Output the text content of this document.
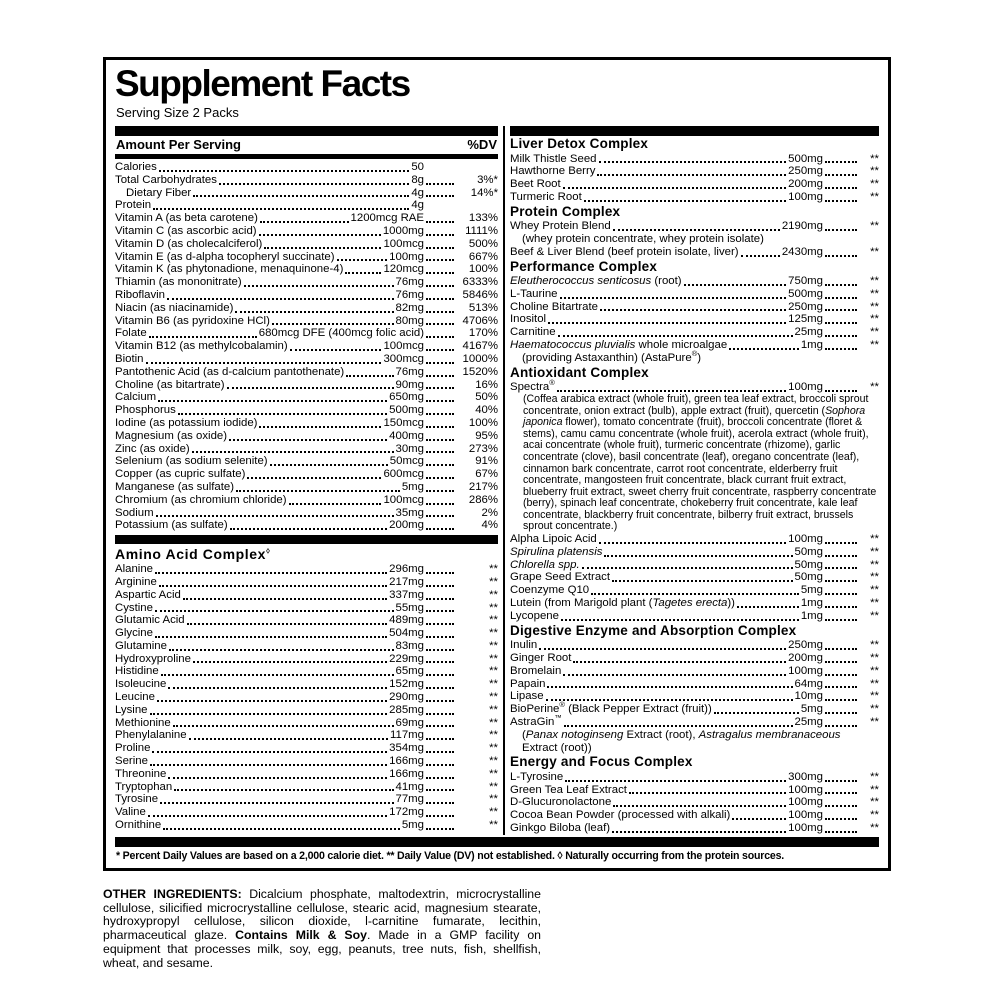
Supplement Facts
Serving Size 2 Packs
Amount Per Serving	%DV
Calories	50
Total Carbohydrates	8g	3%*
Dietary Fiber	4g	14%*
Protein	4g
Vitamin A (as beta carotene)	1200mcg RAE	133%
Vitamin C (as ascorbic acid)	1000mg	1111%
Vitamin D (as cholecalciferol)	100mcg	500%
Vitamin E (as d-alpha tocopheryl succinate)	100mg	667%
Vitamin K (as phytonadione, menaquinone-4)	120mcg	100%
Thiamin (as mononitrate)	76mg	6333%
Riboflavin	76mg	5846%
Niacin (as niacinamide)	82mg	513%
Vitamin B6 (as pyridoxine HCl)	80mg	4706%
Folate	680mcg DFE (400mcg folic acid)	170%
Vitamin B12 (as methylcobalamin)	100mcg	4167%
Biotin	300mcg	1000%
Pantothenic Acid (as d-calcium pantothenate)	76mg	1520%
Choline (as bitartrate)	90mg	16%
Calcium	650mg	50%
Phosphorus	500mg	40%
Iodine (as potassium iodide)	150mcg	100%
Magnesium (as oxide)	400mg	95%
Zinc (as oxide)	30mg	273%
Selenium (as sodium selenite)	50mcg	91%
Copper (as cupric sulfate)	600mcg	67%
Manganese (as sulfate)	5mg	217%
Chromium (as chromium chloride)	100mcg	286%
Sodium	35mg	2%
Potassium (as sulfate)	200mg	4%
Amino Acid Complex◊
Alanine	296mg	**
Arginine	217mg	**
Aspartic Acid	337mg	**
Cystine	55mg	**
Glutamic Acid	489mg	**
Glycine	504mg	**
Glutamine	83mg	**
Hydroxyproline	229mg	**
Histidine	65mg	**
Isoleucine	152mg	**
Leucine	290mg	**
Lysine	285mg	**
Methionine	69mg	**
Phenylalanine	117mg	**
Proline	354mg	**
Serine	166mg	**
Threonine	166mg	**
Tryptophan	41mg	**
Tyrosine	77mg	**
Valine	172mg	**
Ornithine	5mg	**
Liver Detox Complex
Milk Thistle Seed	500mg	**
Hawthorne Berry	250mg	**
Beet Root	200mg	**
Turmeric Root	100mg	**
Protein Complex
Whey Protein Blend	2190mg	**
(whey protein concentrate, whey protein isolate)
Beef & Liver Blend (beef protein isolate, liver)	2430mg	**
Performance Complex
Eleutherococcus senticosus (root)	750mg	**
L-Taurine	500mg	**
Choline Bitartrate	250mg	**
Inositol	125mg	**
Carnitine	25mg	**
Haematococcus pluvialis whole microalgae	1mg	**
(providing Astaxanthin) (AstaPure®)
Antioxidant Complex
Spectra®	100mg	**
(Coffea arabica extract (whole fruit), green tea leaf extract, broccoli sprout concentrate, onion extract (bulb), apple extract (fruit), quercetin (Sophora japonica flower), tomato concentrate (fruit), broccoli concentrate (floret & stems), camu camu concentrate (whole fruit), acerola extract (whole fruit), acai concentrate (whole fruit), turmeric concentrate (rhizome), garlic concentrate (clove), basil concentrate (leaf), oregano concentrate (leaf), cinnamon bark concentrate, carrot root concentrate, elderberry fruit concentrate, mangosteen fruit concentrate, black currant fruit extract, blueberry fruit extract, sweet cherry fruit concentrate, raspberry concentrate (berry), spinach leaf concentrate, chokeberry fruit concentrate, kale leaf concentrate, blackberry fruit concentrate, bilberry fruit extract, brussels sprout concentrate.)
Alpha Lipoic Acid	100mg	**
Spirulina platensis	50mg	**
Chlorella spp.	50mg	**
Grape Seed Extract	50mg	**
Coenzyme Q10	5mg	**
Lutein (from Marigold plant (Tagetes erecta))	1mg	**
Lycopene	1mg	**
Digestive Enzyme and Absorption Complex
Inulin	250mg	**
Ginger Root	200mg	**
Bromelain	100mg	**
Papain	64mg	**
Lipase	10mg	**
BioPerine® (Black Pepper Extract (fruit))	5mg	**
AstraGin™	25mg	**
(Panax notoginseng Extract (root), Astragalus membranaceous Extract (root))
Energy and Focus Complex
L-Tyrosine	300mg	**
Green Tea Leaf Extract	100mg	**
D-Glucuronolactone	100mg	**
Cocoa Bean Powder (processed with alkali)	100mg	**
Ginkgo Biloba (leaf)	100mg	**
* Percent Daily Values are based on a 2,000 calorie diet. ** Daily Value (DV) not established. ◊ Naturally occurring from the protein sources.
OTHER INGREDIENTS: Dicalcium phosphate, maltodextrin, microcrystalline cellulose, silicified microcrystalline cellulose, stearic acid, magnesium stearate, hydroxypropyl cellulose, silicon dioxide, l-carnitine fumarate, lecithin, pharmaceutical glaze. Contains Milk & Soy. Made in a GMP facility on equipment that processes milk, soy, egg, peanuts, tree nuts, fish, shellfish, wheat, and sesame.
